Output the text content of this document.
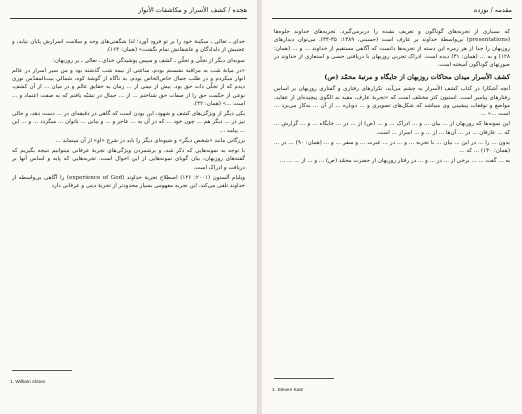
هجده / کشف الأسرار و مکاشفات الأنوار

خدای ـ تعالی ـ سکینهٔ خود را بر تو فرود آورد؛ لذا شگفتی‌های وجد و سلامت اسرارش پایان نیابد، و عجیبش از دلدادگان و عاشقانش تمام نگشت» (همان: ۱۶۴).

سونه‌ای دیگر از تجلّی و تجلّیِ ـ کشف و سپس پوشیدگیِ خدای ـ تعالی ـ بر روزبهان:

«در میانهٔ شب به مراقبه نشستم بودم، ساعتی از نیمه شب گذشته بود و من سیر اسرار در عالم انوار میکردم و در طلب جمال خاص‌الخاص بودم. به ناگاه از گوشهٔ کوه، شمالیِ بیت‌المقدّس نوری دیدم که از تجلّی ذات حق بود. بیش از نیمی از ... زمان به حقایق عالم و در میان ... از آن کشف، نوعی از حکمت حق را از صفات حق شناختم ... از ... جمال در تشبّه یافتم که به صفت اعتماد و ... است ...» (همان: ۴۲).

یکی دیگر از ویژگی‌های کشف و شهود، این بودن است که گاهی در دقیقه‌ای در ... دست دهد، و حالی نیز در ... دیگر هم ... چون خود ... که در آن به ... عاجز و ... و بیانی ... ناتوان ... میگردد ... و ... این ... پیامد ...

بزرگانی مانند «شخص دیگر» و شیوه‌ای دیگر را باید در شرح «او» از آن مینماید ...

با توجه به نمونه‌هایی که ذکر شد، و برشمردن ویژگی‌های تجربهٔ عرفانی میتوانیم نتیجه بگیریم که گفته‌های روزبهان، بیان گویای نمونه‌هایی از این احوال است. تجربه‌هایی که پایه و اساس آنها بر دریافت و ادراک است.

ویلیام آلستون (۲۰۰۱: ۱۴۶) اصطلاح تجربهٔ خداوند (experience of God) را آگاهی بی‌واسطه از خداوند تلقی می‌کند. این تجربه مفهومی بسیار محدودتر از تجربهٔ دینی و عرفانی دارد

1. William Alston
مقدمه / نوزده

که بسیاری از تجربه‌های گوناگون و تعریف نشده را دربرمی‌گیرد. تجربه‌های خداوند جلوه‌ها (presentations) بی‌واسطهٔ خداوند بر عارف است (حسینی، ۱۳۸۹: ۳۵-۳۴). می‌توان دیدارهای روزبهان را جدا از هر زمره این دسته از تجربه‌ها دانست که آگاهی مستقیم از خداوند ... و ... (همان: ۱۲۸) و به ... (همان: ۳۱) دیده است. ادراک تجربی روزبهان با دریافتی حسی و استعاری از خداوند در صورتهای گوناگون آمیخته است.

کشف الأسرار میدان محاکات روزبهان از جایگاه و مرتبهٔ محمّد (ص)

آنچه آشکارا در کتاب کشف الأسرار به چشم می‌آید، تکرارهای رفتاری و گفتاری روزبهان بر اساس رفتارهای پیامبر است. استیون کتز مختلف است که «تجربهٔ عارف، مقید به الگوی پیچیده‌ای از عقاید، مواضع و توقعات پیشینی وی میباشد که شکل‌های تصویری و ... دوباره ... از آن ... به‌کار می‌برد ... است ...» ...

این نمونه‌ها که روزبهان از ... بیان ... و ... ادراک ... و ... (ص) از ... در ... جایگاه ... و ... گزارش ... که ... عارفان ... در ... آن‌ها ... از ... و ... اسرار ... است.

بدون ... را ... در این ... بیان ... با تجربه ... و ... در ... عبرت ... و سفر ... و ... (همان: ۹۰) ... در ... (همان: ۱۳۰) ... که ...

به ... گفت ... ... برخی از ... در ... و ... در رفتار روزبهان از حضرت محمّد (ص) ... و ... از ... ... ...

1. Steven Katz
